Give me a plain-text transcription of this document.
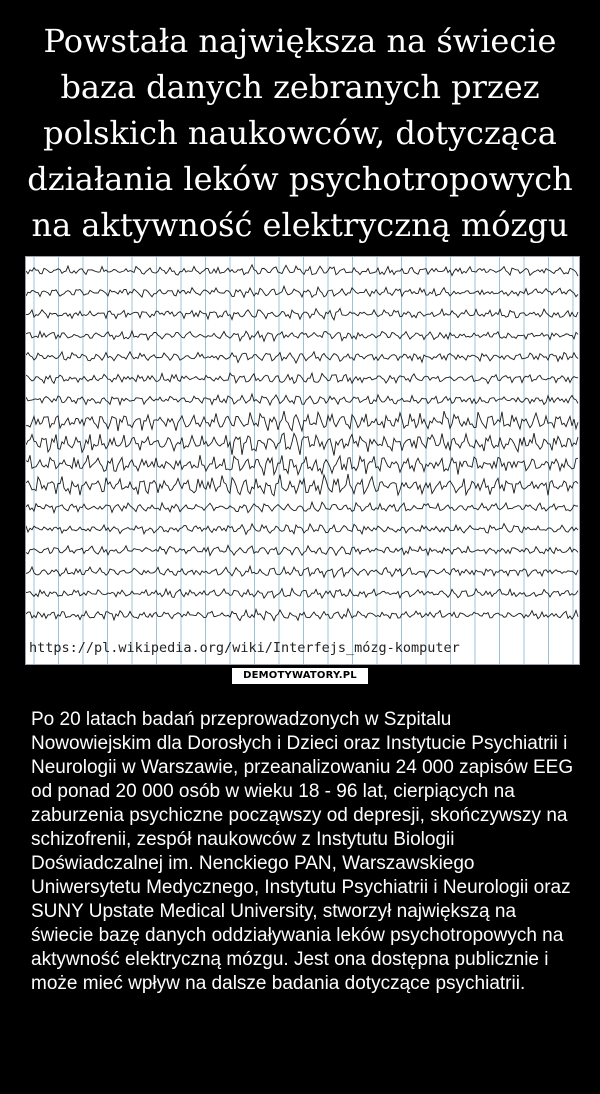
Powstała największa na świecie baza danych zebranych przez polskich naukowców, dotycząca działania leków psychotropowych na aktywność elektryczną mózgu
https://pl.wikipedia.org/wiki/Interfejs_mózg-komputer
DEMOTYWATORY.PL
Po 20 latach badań przeprowadzonych w Szpitalu Nowowiejskim dla Dorosłych i Dzieci oraz Instytucie Psychiatrii i Neurologii w Warszawie, przeanalizowaniu 24 000 zapisów EEG od ponad 20 000 osób w wieku 18 - 96 lat, cierpiących na zaburzenia psychiczne począwszy od depresji, skończywszy na schizofrenii, zespół naukowców z Instytutu Biologii Doświadczalnej im. Nenckiego PAN, Warszawskiego Uniwersytetu Medycznego, Instytutu Psychiatrii i Neurologii oraz SUNY Upstate Medical University, stworzył największą na świecie bazę danych oddziaływania leków psychotropowych na aktywność elektryczną mózgu. Jest ona dostępna publicznie i może mieć wpływ na dalsze badania dotyczące psychiatrii.
